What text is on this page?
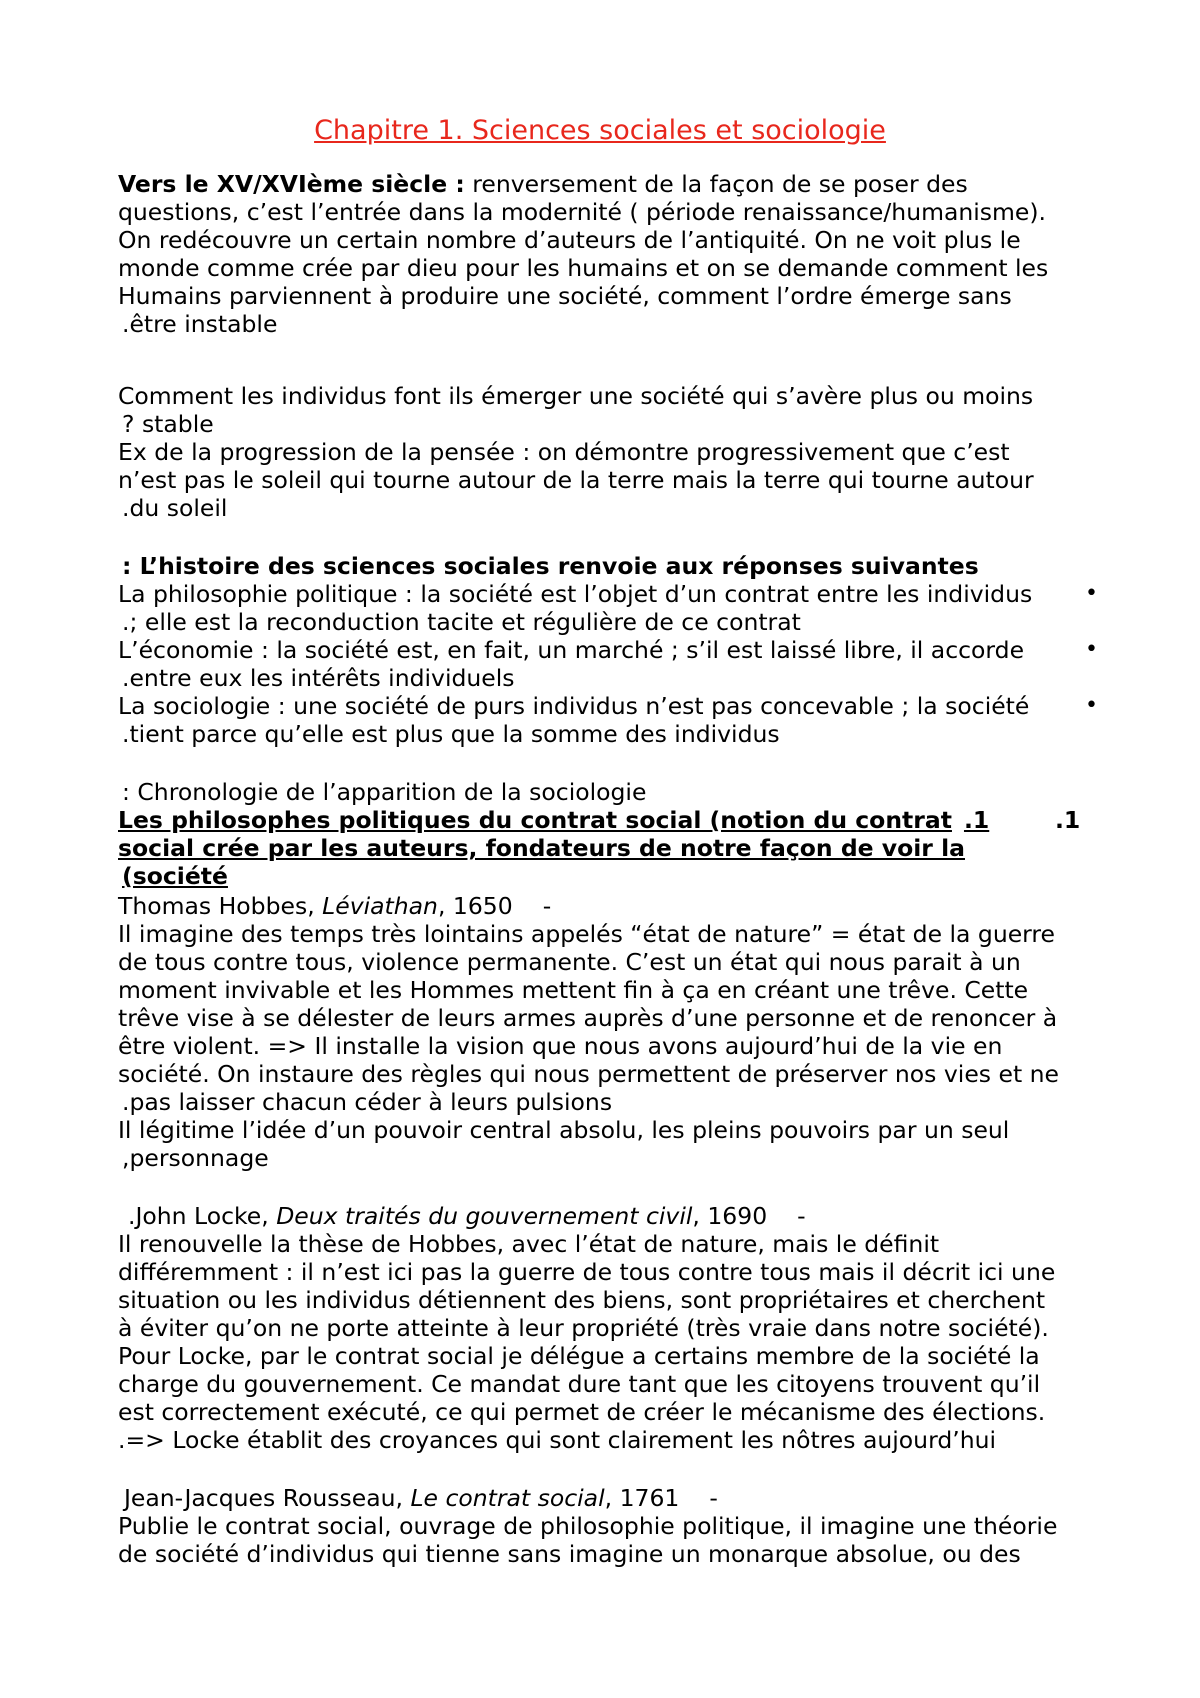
Chapitre 1. Sciences sociales et sociologie
Vers le XV/XVIème siècle : renversement de la façon de se poser des
questions, c’est l’entrée dans la modernité ( période renaissance/humanisme).
On redécouvre un certain nombre d’auteurs de l’antiquité. On ne voit plus le
monde comme crée par dieu pour les humains et on se demande comment les
Humains parviennent à produire une société, comment l’ordre émerge sans
.être instable
Comment les individus font ils émerger une société qui s’avère plus ou moins
? stable
Ex de la progression de la pensée : on démontre progressivement que c’est
n’est pas le soleil qui tourne autour de la terre mais la terre qui tourne autour
.du soleil
: L’histoire des sciences sociales renvoie aux réponses suivantes
La philosophie politique : la société est l’objet d’un contrat entre les individus •
.; elle est la reconduction tacite et régulière de ce contrat
L’économie : la société est, en fait, un marché ; s’il est laissé libre, il accorde	•
.entre eux les intérêts individuels
La sociologie : une société de purs individus n’est pas concevable ; la société	•
.tient parce qu’elle est plus que la somme des individus
: Chronologie de l’apparition de la sociologie
Les philosophes politiques du contrat social (notion du contrat .1	.1
social crée par les auteurs, fondateurs de notre façon de voir la
(société
Thomas Hobbes, Léviathan, 1650 -
Il imagine des temps très lointains appelés “état de nature” = état de la guerre
de tous contre tous, violence permanente. C’est un état qui nous parait à un
moment invivable et les Hommes mettent fin à ça en créant une trêve. Cette
trêve vise à se délester de leurs armes auprès d’une personne et de renoncer à
être violent. => Il installe la vision que nous avons aujourd’hui de la vie en
société. On instaure des règles qui nous permettent de préserver nos vies et ne
.pas laisser chacun céder à leurs pulsions
Il légitime l’idée d’un pouvoir central absolu, les pleins pouvoirs par un seul
,personnage
.John Locke, Deux traités du gouvernement civil, 1690 -
Il renouvelle la thèse de Hobbes, avec l’état de nature, mais le définit
différemment : il n’est ici pas la guerre de tous contre tous mais il décrit ici une
situation ou les individus détiennent des biens, sont propriétaires et cherchent
à éviter qu’on ne porte atteinte à leur propriété (très vraie dans notre société).
Pour Locke, par le contrat social je délégue a certains membre de la société la
charge du gouvernement. Ce mandat dure tant que les citoyens trouvent qu’il
est correctement exécuté, ce qui permet de créer le mécanisme des élections.
.=> Locke établit des croyances qui sont clairement les nôtres aujourd’hui
Jean-Jacques Rousseau, Le contrat social, 1761 -
Publie le contrat social, ouvrage de philosophie politique, il imagine une théorie
de société d’individus qui tienne sans imagine un monarque absolue, ou des
